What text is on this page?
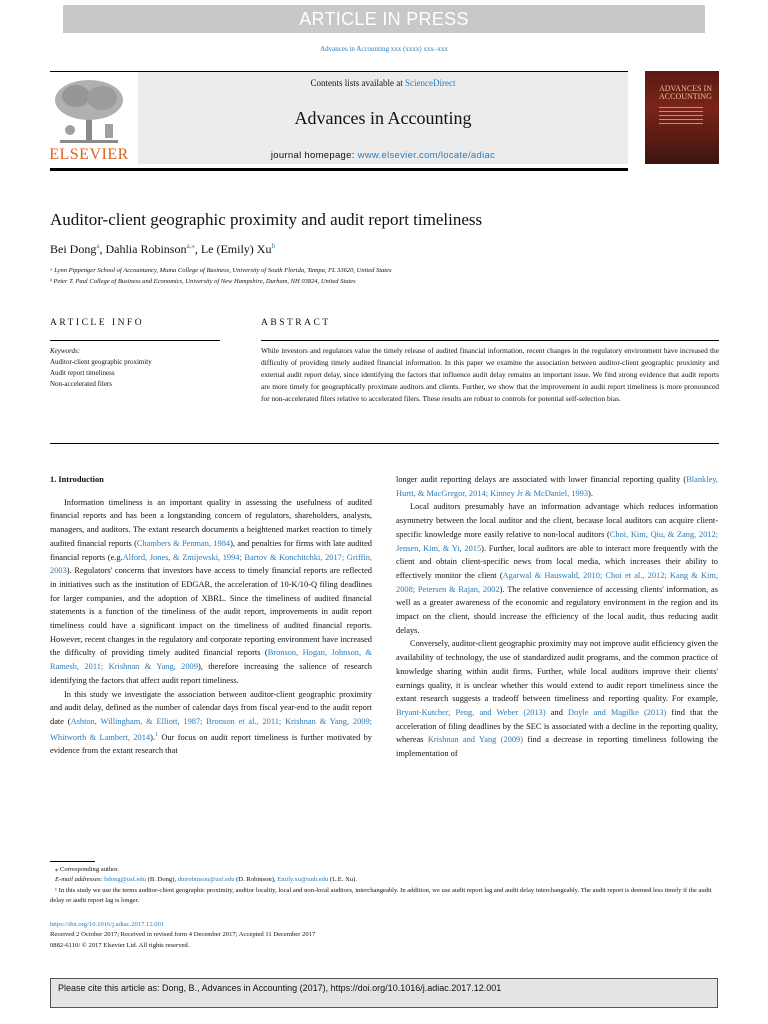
ARTICLE IN PRESS
Advances in Accounting xxx (xxxx) xxx–xxx
ELSEVIER
Contents lists available at ScienceDirect
Advances in Accounting
journal homepage: www.elsevier.com/locate/adiac
ADVANCES IN
ACCOUNTING
Auditor-client geographic proximity and audit report timeliness
Bei Dong$^a$, Dahlia Robinson$^{a,⁎}$, Le (Emily) Xu$^b$
ᵃ Lynn Pippenger School of Accountancy, Muma College of Business, University of South Florida, Tampa, FL 33620, United States
ᵇ Peter T. Paul College of Business and Economics, University of New Hampshire, Durham, NH 03824, United States
ARTICLE INFO	ABSTRACT
Keywords:
Auditor-client geographic proximity
Audit report timeliness
Non-accelerated filers
While investors and regulators value the timely release of audited financial information, recent changes in the regulatory environment have increased the difficulty of providing timely audited financial information. In this paper we examine the association between auditor-client geographic proximity and external audit report delay, since identifying the factors that influence audit delay remains an important issue. We find strong evidence that audit reports are more timely for geographically proximate auditors and clients. Further, we show that the improvement in audit report timeliness is more pronounced for non-accelerated filers relative to accelerated filers. These results are robust to controls for potential self-selection bias.

1. Introduction

Information timeliness is an important quality in assessing the usefulness of audited financial reports and has been a longstanding concern of regulators, shareholders, analysts, managers, and auditors. The extant research documents a heightened market reaction to timely audited financial reports (Chambers & Penman, 1984), and penalties for firms with late audited financial reports (e.g.Alford, Jones, & Zmijewski, 1994; Bartov & Konchitchki, 2017; Griffin, 2003). Regulators' concerns that investors have access to timely financial reports are reflected in initiatives such as the institution of EDGAR, the acceleration of 10-K/10-Q filing deadlines for larger companies, and the adoption of XBRL. Since the timeliness of audited financial statements is a function of the timeliness of the audit report, improvements in audit report timeliness could have a significant impact on the timeliness of audited financial reports. However, recent changes in the regulatory and corporate reporting environment have increased the difficulty of providing timely audited financial reports (Bronson, Hogan, Johnson, & Ramesh, 2011; Krishnan & Yang, 2009), therefore increasing the salience of research identifying the factors that affect audit report timeliness.

In this study we investigate the association between auditor-client geographic proximity and audit delay, defined as the number of calendar days from fiscal year-end to the audit report date (Ashton, Willingham, & Elliott, 1987; Bronson et al., 2011; Krishnan & Yang, 2009; Whitworth & Lambert, 2014).$^1$ Our focus on audit report timeliness is further motivated by evidence from the extant research that

longer audit reporting delays are associated with lower financial reporting quality (Blankley, Hurtt, & MacGregor, 2014; Kinney Jr & McDaniel, 1993).

Local auditors presumably have an information advantage which reduces information asymmetry between the local auditor and the client, because local auditors can acquire client-specific knowledge more easily relative to non-local auditors (Choi, Kim, Qiu, & Zang, 2012; Jensen, Kim, & Yi, 2015). Further, local auditors are able to interact more frequently with the client and obtain client-specific news from local media, which increases their ability to effectively monitor the client (Agarwal & Hauswald, 2010; Choi et al., 2012; Kang & Kim, 2008; Petersen & Rajan, 2002). The relative convenience of accessing clients' information, as well as a greater awareness of the economic and regulatory environment in the region and its impact on the client, should increase the efficiency of the local audit, thus reducing audit delays.

Conversely, auditor-client geographic proximity may not improve audit efficiency given the availability of technology, the use of standardized audit programs, and the common practice of knowledge sharing within audit firms. Further, while local auditors improve their clients' earnings quality, it is unclear whether this would extend to audit report timeliness since the extant research suggests a tradeoff between timeliness and reporting quality. For example, Bryant-Kutcher, Peng, and Weber (2013) and Doyle and Magilke (2013) find that the acceleration of filing deadlines by the SEC is associated with a decline in the reporting quality, whereas Krishnan and Yang (2009) find a decrease in reporting timeliness following the implementation of

⁎ Corresponding author.

E-mail addresses: bdong@usf.edu (B. Dong), dmrobinson@usf.edu (D. Robinson), Emily.xu@unh.edu (L.E. Xu).

¹ In this study we use the terms auditor-client geographic proximity, auditor locality, local and non-local auditors, interchangeably. In addition, we use audit report lag and audit delay interchangeably. The audit report is deemed less timely if the audit delay or audit report lag is longer.

https://doi.org/10.1016/j.adiac.2017.12.001
Received 2 October 2017; Received in revised form 4 December 2017; Accepted 11 December 2017
0882-6110/ © 2017 Elsevier Ltd. All rights reserved.
Please cite this article as: Dong, B., Advances in Accounting (2017), https://doi.org/10.1016/j.adiac.2017.12.001
